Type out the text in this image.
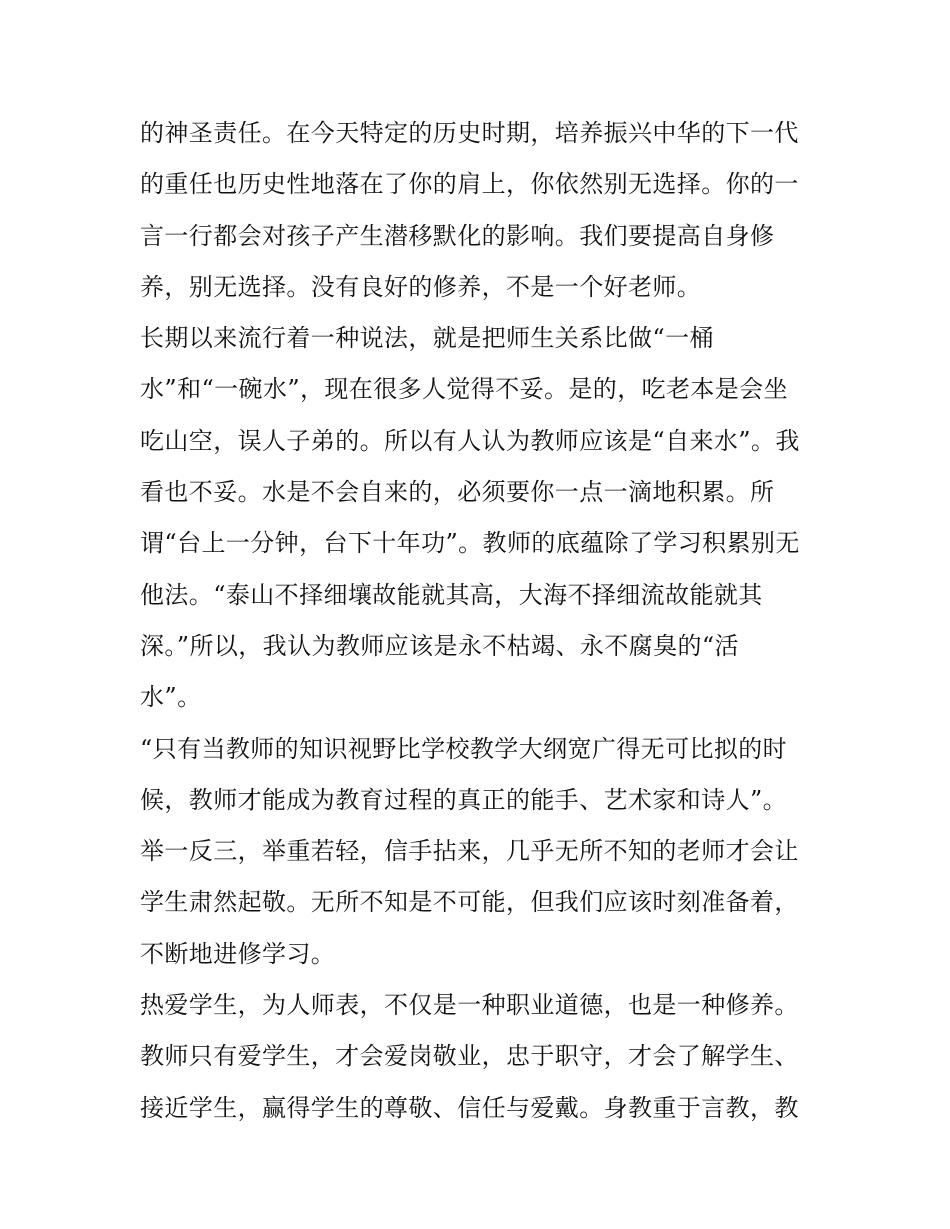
的神圣责任。在今天特定的历史时期，培养振兴中华的下一代
的重任也历史性地落在了你的肩上，你依然别无选择。你的一
言一行都会对孩子产生潜移默化的影响。我们要提高自身修
养，别无选择。没有良好的修养，不是一个好老师。
长期以来流行着一种说法，就是把师生关系比做“一桶
水”和“一碗水”，现在很多人觉得不妥。是的，吃老本是会坐
吃山空，误人子弟的。所以有人认为教师应该是“自来水”。我
看也不妥。水是不会自来的，必须要你一点一滴地积累。所
谓“台上一分钟，台下十年功”。教师的底蕴除了学习积累别无
他法。“泰山不择细壤故能就其高，大海不择细流故能就其
深。”所以，我认为教师应该是永不枯竭、永不腐臭的“活
水”。
“只有当教师的知识视野比学校教学大纲宽广得无可比拟的时
候，教师才能成为教育过程的真正的能手、艺术家和诗人”。
举一反三，举重若轻，信手拈来，几乎无所不知的老师才会让
学生肃然起敬。无所不知是不可能，但我们应该时刻准备着，
不断地进修学习。
热爱学生，为人师表，不仅是一种职业道德，也是一种修养。
教师只有爱学生，才会爱岗敬业，忠于职守，才会了解学生、
接近学生，赢得学生的尊敬、信任与爱戴。身教重于言教，教
